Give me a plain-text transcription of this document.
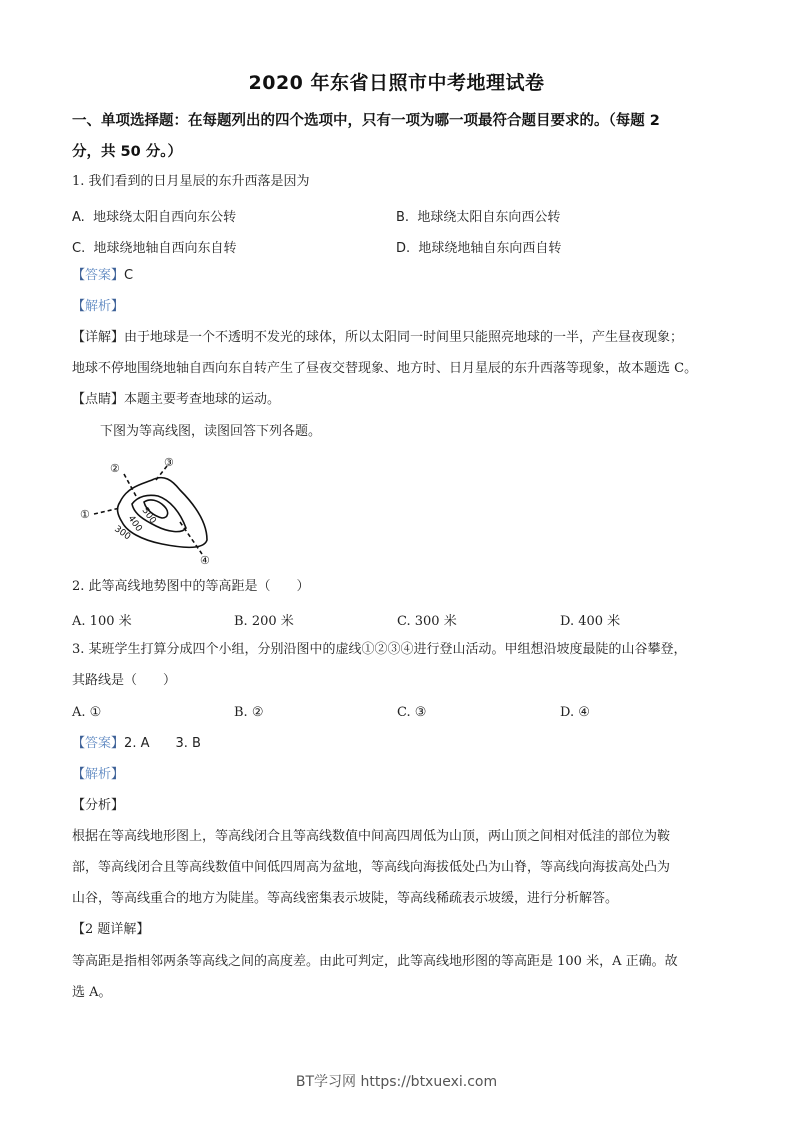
2020 年东省日照市中考地理试卷
一、单项选择题：在每题列出的四个选项中，只有一项为哪一项最符合题目要求的。（每题 2
分，共 50 分。）
1. 我们看到的日月星辰的东升西落是因为
A. 地球绕太阳自西向东公转	B. 地球绕太阳自东向西公转
C. 地球绕地轴自西向东自转	D. 地球绕地轴自东向西自转
【答案】C
【解析】
【详解】由于地球是一个不透明不发光的球体，所以太阳同一时间里只能照亮地球的一半，产生昼夜现象；
地球不停地围绕地轴自西向东自转产生了昼夜交替现象、地方时、日月星辰的东升西落等现象，故本题选 C。
【点睛】本题主要考查地球的运动。
下图为等高线图，读图回答下列各题。
①
②	③
④
300
400
500
2. 此等高线地势图中的等高距是（　　）
A. 100 米	B. 200 米	C. 300 米	D. 400 米
3. 某班学生打算分成四个小组，分别沿图中的虚线①②③④进行登山活动。甲组想沿坡度最陡的山谷攀登，
其路线是（　　）
A. ①	B. ②	C. ③	D. ④
【答案】2. A　　3. B
【解析】
【分析】
根据在等高线地形图上，等高线闭合且等高线数值中间高四周低为山顶，两山顶之间相对低洼的部位为鞍
部，等高线闭合且等高线数值中间低四周高为盆地，等高线向海拔低处凸为山脊，等高线向海拔高处凸为
山谷，等高线重合的地方为陡崖。等高线密集表示坡陡，等高线稀疏表示坡缓，进行分析解答。
【2 题详解】
等高距是指相邻两条等高线之间的高度差。由此可判定，此等高线地形图的等高距是 100 米，A 正确。故
选 A。
BT学习网 https://btxuexi.com
